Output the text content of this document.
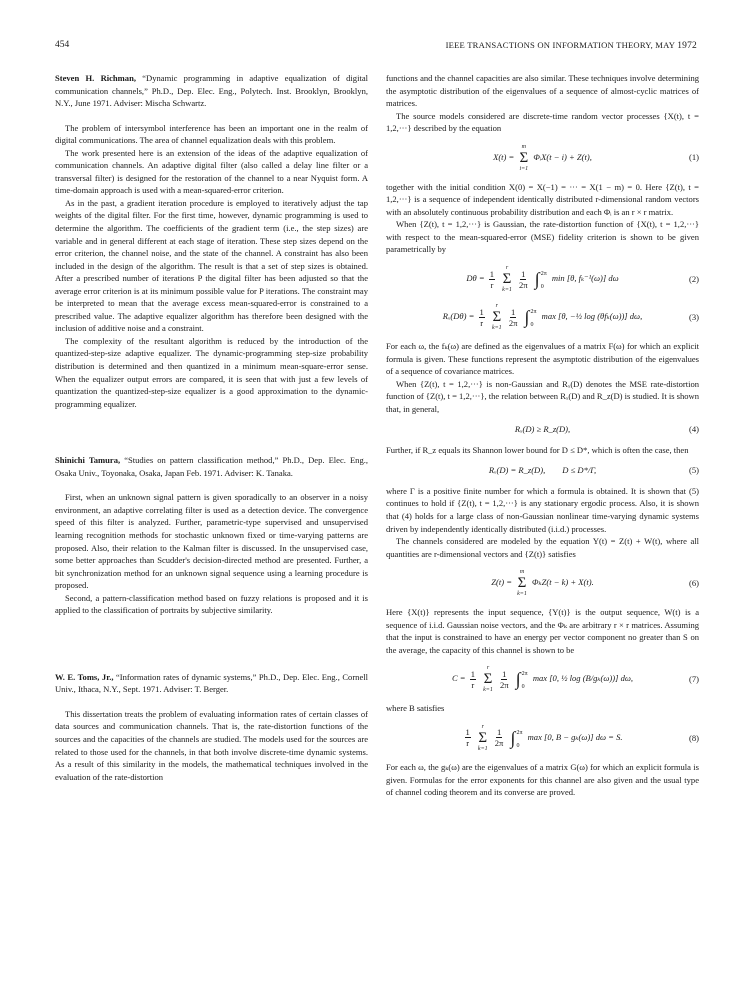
454	IEEE TRANSACTIONS ON INFORMATION THEORY, MAY 1972

Steven H. Richman, “Dynamic programming in adaptive equalization of digital communication channels,” Ph.D., Dep. Elec. Eng., Polytech. Inst. Brooklyn, Brooklyn, N.Y., June 1971. Adviser: Mischa Schwartz.

The problem of intersymbol interference has been an important one in the realm of digital communications. The area of channel equalization deals with this problem.

The work presented here is an extension of the ideas of the adaptive equalization of communication channels. An adaptive digital filter (also called a delay line filter or a transversal filter) is designed for the restoration of the channel to a near Nyquist form. A time-domain approach is used with a mean-squared-error criterion.

As in the past, a gradient iteration procedure is employed to iteratively adjust the tap weights of the digital filter. For the first time, however, dynamic programming is used to determine the algorithm. The coefficients of the gradient term (i.e., the step sizes) are variable and in general different at each stage of iteration. These step sizes depend on the error criterion, the channel noise, and the state of the channel. A constraint has also been included in the design of the algorithm. The result is that a set of step sizes is obtained. After a prescribed number of iterations P the digital filter has been adjusted so that the average error criterion is at its minimum possible value for P iterations. The constraint may be interpreted to mean that the average excess mean-squared-error is constrained to a prescribed value. The adaptive equalizer algorithm has therefore been designed with the inclusion of additive noise and a constraint.

The complexity of the resultant algorithm is reduced by the introduction of the quantized-step-size adaptive equalizer. The dynamic-programming step-size probability distribution is determined and then quantized in a minimum mean-square-error sense. When the equalizer output errors are compared, it is seen that with just a few levels of quantization the quantized-step-size equalizer is a good approximation to the dynamic-programming equalizer.

Shinichi Tamura, “Studies on pattern classification method,” Ph.D., Dep. Elec. Eng., Osaka Univ., Toyonaka, Osaka, Japan Feb. 1971. Adviser: K. Tanaka.

First, when an unknown signal pattern is given sporadically to an observer in a noisy environment, an adaptive correlating filter is used as a detection device. The convergence speed of this filter is analyzed. Further, parametric-type supervised and unsupervised learning recognition methods for stochastic unknown fixed or time-varying patterns are proposed. Also, their relation to the Kalman filter is discussed. In the unsupervised case, some better approaches than Scudder's decision-directed method are presented. Further, a bit synchronization method for an unknown signal sequence using a learning procedure is proposed.

Second, a pattern-classification method based on fuzzy relations is proposed and it is applied to the classification of portraits by subjective similarity.

W. E. Toms, Jr., “Information rates of dynamic systems,” Ph.D., Dep. Elec. Eng., Cornell Univ., Ithaca, N.Y., Sept. 1971. Adviser: T. Berger.

This dissertation treats the problem of evaluating information rates of certain classes of data sources and communication channels. That is, the rate-distortion functions of the sources and the capacities of the channels are studied. The models used for the sources are related to those used for the channels, in that both involve discrete-time dynamic systems. As a result of this similarity in the models, the mathematical techniques involved in the evaluation of the rate-distortion

functions and the channel capacities are also similar. These techniques involve determining the asymptotic distribution of the eigenvalues of a sequence of almost-cyclic matrices of matrices.

The source models considered are discrete-time random vector processes {X(t), t = 1,2,···} described by the equation

X(t) =
m
Σ
i=1
ΦᵢX(t − i) + Z(t),	(1)

together with the initial condition X(0) = X(−1) = ··· = X(1 − m) = 0. Here {Z(t), t = 1,2,···} is a sequence of independent identically distributed r-dimensional random vectors with an absolutely continuous probability distribution and each Φᵢ is an r × r matrix.

When {Z(t), t = 1,2,···} is Gaussian, the rate-distortion function of {X(t), t = 1,2,···} with respect to the mean-squared-error (MSE) fidelity criterion is shown to be given parametrically by

$D\theta = \frac{1}{r}$

r
Σ
k=1

$\frac{1}{2\pi}$
∫ 2π
0
min [θ, fₖ⁻¹(ω)] dω	(2)
$R_x(D\theta) = \frac{1}{r}$

r
Σ
k=1

$\frac{1}{2\pi}$
∫ 2π
0
max [θ, −½ log (θfₖ(ω))] dω,	(3)

For each ω, the fₖ(ω) are defined as the eigenvalues of a matrix F(ω) for which an explicit formula is given. These functions represent the asymptotic distribution of the eigenvalues of a sequence of covariance matrices.

When {Z(t), t = 1,2,···} is non-Gaussian and Rₓ(D) denotes the MSE rate-distortion function of {Z(t), t = 1,2,···}, the relation between Rₓ(D) and R_z(D) is studied. It is shown that, in general,

Rₓ(D) ≥ R_z(D),	(4)

Further, if R_z equals its Shannon lower bound for D ≤ D*, which is often the case, then

Rₓ(D) = R_z(D),  D ≤ D*/Γ,	(5)

where Γ is a positive finite number for which a formula is obtained. It is shown that (5) continues to hold if {Z(t), t = 1,2,···} is any stationary ergodic process. Also, it is shown that (4) holds for a large class of non-Gaussian nonlinear time-varying dynamic systems driven by independently identically distributed (i.i.d.) processes.

The channels considered are modeled by the equation Y(t) = Z(t) + W(t), where all quantities are r-dimensional vectors and {Z(t)} satisfies

Z(t) =
m
Σ
k=1
ΦₖZ(t − k) + X(t).	(6)

Here {X(t)} represents the input sequence, {Y(t)} is the output sequence, W(t) is a sequence of i.i.d. Gaussian noise vectors, and the Φₖ are arbitrary r × r matrices. Assuming that the input is constrained to have an energy per vector component no greater than S on the average, the capacity of this channel is shown to be

$C = \frac{1}{r}$

r
Σ
k=1

$\frac{1}{2\pi}$
∫ 2π
0
max [0, ½ log (B/gₖ(ω))] dω,	(7)

where B satisfies

$\frac{1}{r}$

r
Σ
k=1

$\frac{1}{2\pi}$
∫ 2π
0
max [0, B − gₖ(ω)] dω = S.	(8)

For each ω, the gₖ(ω) are the eigenvalues of a matrix G(ω) for which an explicit formula is given. Formulas for the error exponents for this channel are also given and the usual type of channel coding theorem and its converse are proved.
